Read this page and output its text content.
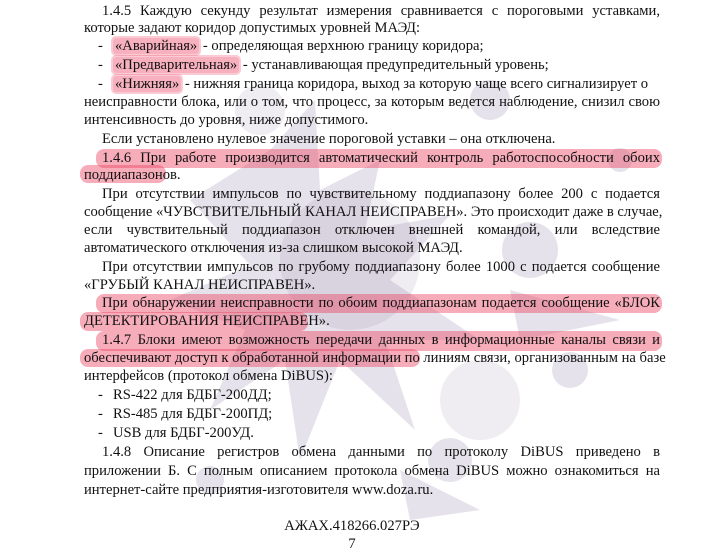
1.4.5 Каждую секунду результат измерения сравнивается с пороговыми уставками,
которые задают коридор допустимых уровней МАЭД:
- «Аварийная» - определяющая верхнюю границу коридора;
- «Предварительная» - устанавливающая предупредительный уровень;
- «Нижняя» - нижняя граница коридора, выход за которую чаще всего сигнализирует о
неисправности блока, или о том, что процесс, за которым ведется наблюдение, снизил свою
интенсивность до уровня, ниже допустимого.
Если установлено нулевое значение пороговой уставки – она отключена.
1.4.6 При работе производится автоматический контроль работоспособности обоих
поддиапазонов.
При отсутствии импульсов по чувствительному поддиапазону более 200 с подается
сообщение «ЧУВСТВИТЕЛЬНЫЙ КАНАЛ НЕИСПРАВЕН». Это происходит даже в случае,
если чувствительный поддиапазон отключен внешней командой, или вследствие
автоматического отключения из-за слишком высокой МАЭД.
При отсутствии импульсов по грубому поддиапазону более 1000 с подается сообщение
«ГРУБЫЙ КАНАЛ НЕИСПРАВЕН».
При обнаружении неисправности по обоим поддиапазонам подается сообщение «БЛОК
ДЕТЕКТИРОВАНИЯ НЕИСПРАВЕН».
1.4.7 Блоки имеют возможность передачи данных в информационные каналы связи и
обеспечивают доступ к обработанной информации по линиям связи, организованным на базе
интерфейсов (протокол обмена DiBUS):
- RS-422 для БДБГ-200ДД;
- RS-485 для БДБГ-200ПД;
- USB для БДБГ-200УД.
1.4.8 Описание регистров обмена данными по протоколу DiBUS приведено в
приложении Б. С полным описанием протокола обмена DiBUS можно ознакомиться на
интернет-сайте предприятия-изготовителя www.doza.ru.
АЖАХ.418266.027РЭ
7
